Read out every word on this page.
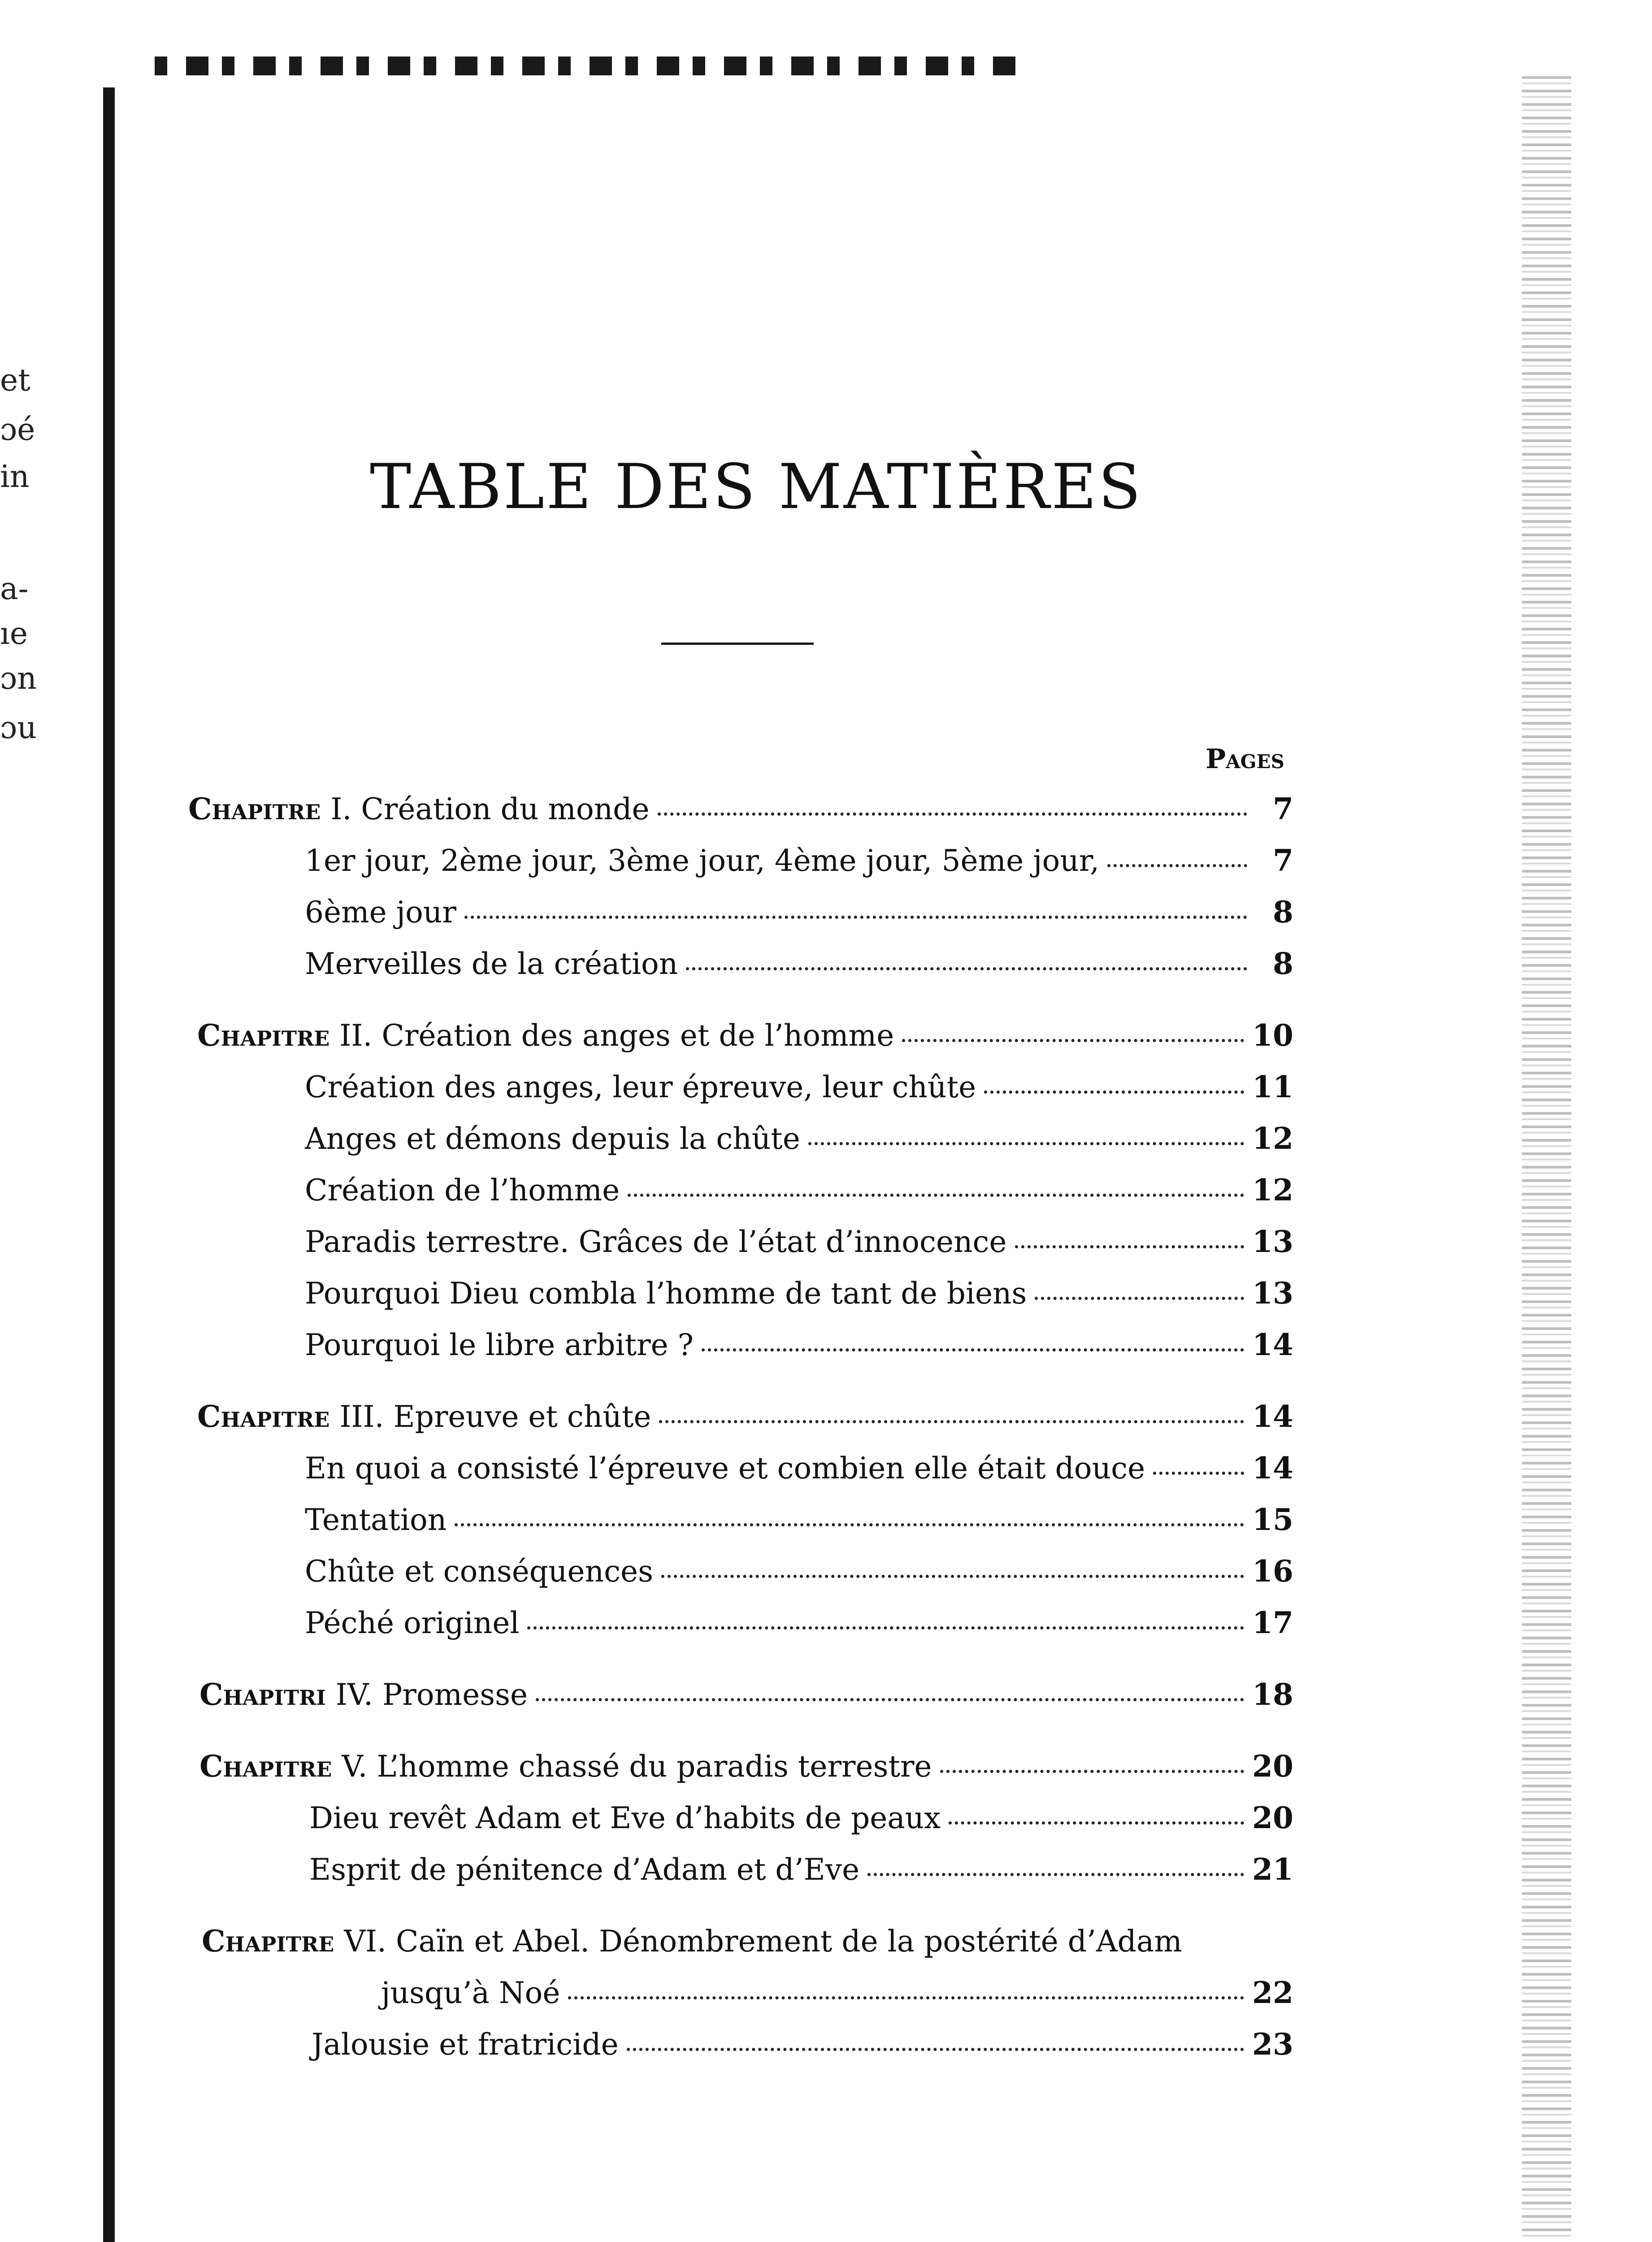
et
ɔé
in
a-
ıe
ɔn
ɔu
TABLE DES MATIÈRES
Pages
Chapitre I. Création du monde	7
1er jour, 2ème jour, 3ème jour, 4ème jour, 5ème jour,	7
6ème jour	8
Merveilles de la création	8
Chapitre II. Création des anges et de l’homme	10
Création des anges, leur épreuve, leur chûte	11
Anges et démons depuis la chûte	12
Création de l’homme	12
Paradis terrestre. Grâces de l’état d’innocence	13
Pourquoi Dieu combla l’homme de tant de biens	13
Pourquoi le libre arbitre ?	14
Chapitre III. Epreuve et chûte	14
En quoi a consisté l’épreuve et combien elle était douce	14
Tentation	15
Chûte et conséquences	16
Péché originel	17
Chapitri IV. Promesse	18
Chapitre V. L’homme chassé du paradis terrestre	20
Dieu revêt Adam et Eve d’habits de peaux	20
Esprit de pénitence d’Adam et d’Eve	21
Chapitre VI. Caïn et Abel. Dénombrement de la postérité d’Adam
jusqu’à Noé	22
Jalousie et fratricide	23
